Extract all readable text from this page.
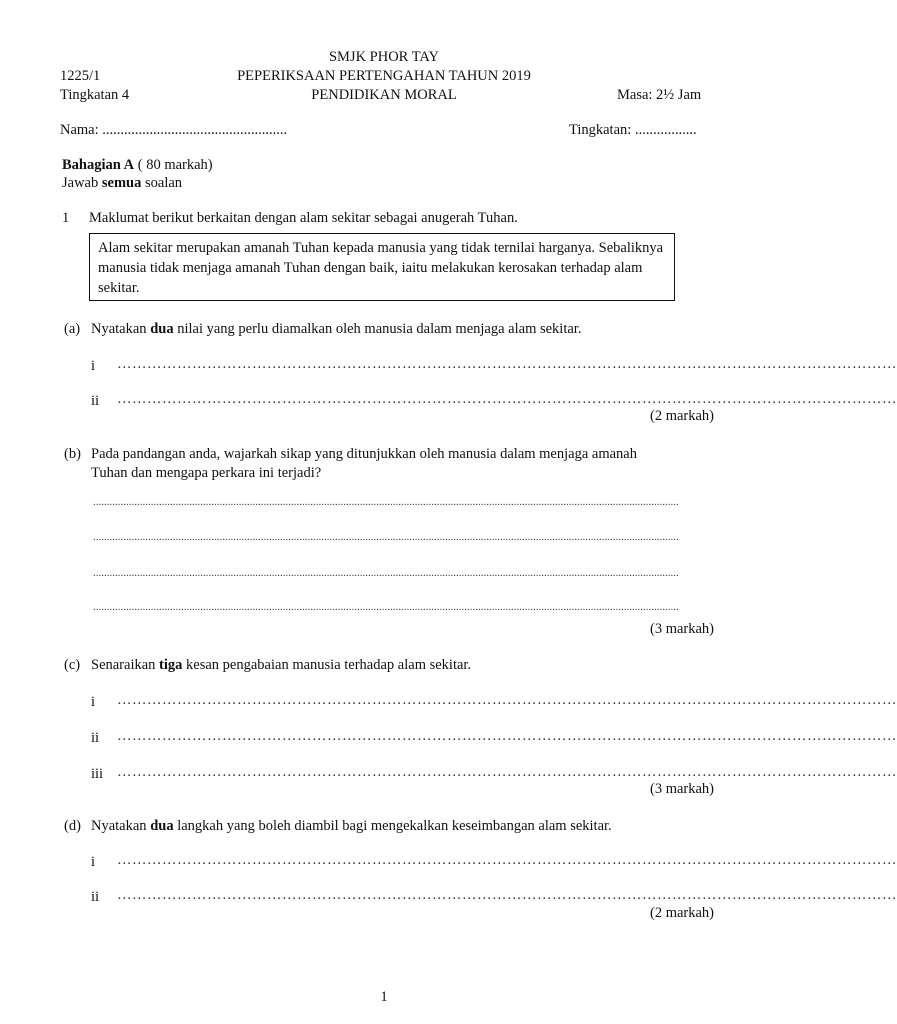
SMJK PHOR TAY
1225/1	PEPERIKSAAN PERTENGAHAN TAHUN 2019
Tingkatan 4	PENDIDIKAN MORAL	Masa: 2½ Jam
Nama: ...................................................	Tingkatan: .................
Bahagian A ( 80 markah)
Jawab semua soalan
1 Maklumat berikut berkaitan dengan alam sekitar sebagai anugerah Tuhan.
Alam sekitar merupakan amanah Tuhan kepada manusia yang tidak ternilai harganya. Sebaliknya manusia tidak menjaga amanah Tuhan dengan baik, iaitu melakukan kerosakan terhadap alam sekitar.
(a) Nyatakan dua nilai yang perlu diamalkan oleh manusia dalam menjaga alam sekitar.
i …………………………………………………………………………………………………………………………………………
ii …………………………………………………………………………………………………………………………………………
(2 markah)
(b) Pada pandangan anda, wajarkah sikap yang ditunjukkan oleh manusia dalam menjaga amanah
Tuhan dan mengapa perkara ini terjadi?
.....................................................................................................................................................................................................................
.....................................................................................................................................................................................................................
.....................................................................................................................................................................................................................
.....................................................................................................................................................................................................................
(3 markah)
(c) Senaraikan tiga kesan pengabaian manusia terhadap alam sekitar.
i …………………………………………………………………………………………………………………………………………
ii …………………………………………………………………………………………………………………………………………
iii …………………………………………………………………………………………………………………………………………
(3 markah)
(d) Nyatakan dua langkah yang boleh diambil bagi mengekalkan keseimbangan alam sekitar.
i …………………………………………………………………………………………………………………………………………
ii …………………………………………………………………………………………………………………………………………
(2 markah)
1
